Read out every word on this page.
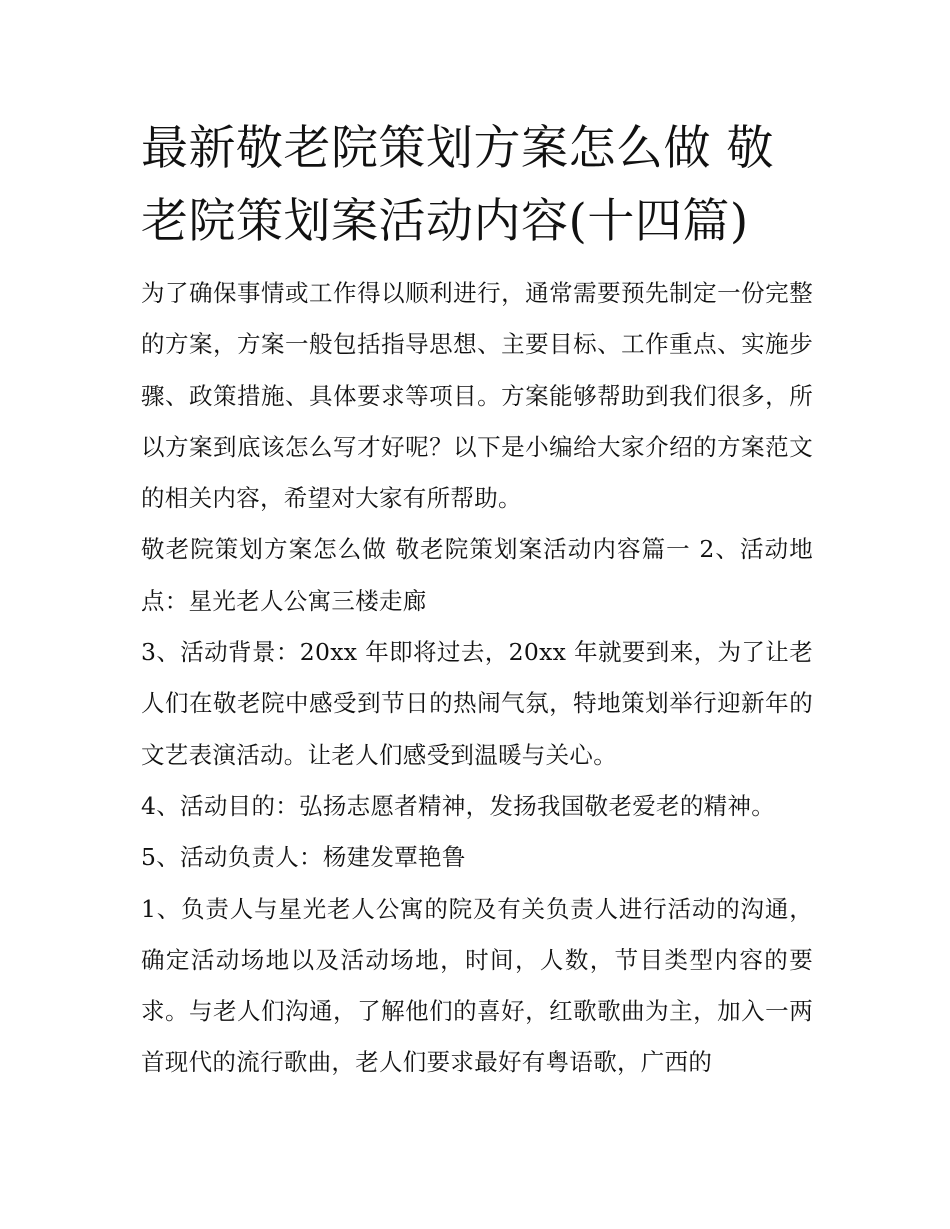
最新敬老院策划方案怎么做 敬老院策划案活动内容(十四篇)

为了确保事情或工作得以顺利进行，通常需要预先制定一份完整的方案，方案一般包括指导思想、主要目标、工作重点、实施步骤、政策措施、具体要求等项目。方案能够帮助到我们很多，所以方案到底该怎么写才好呢？以下是小编给大家介绍的方案范文的相关内容，希望对大家有所帮助。

敬老院策划方案怎么做 敬老院策划案活动内容篇一 2、活动地点：星光老人公寓三楼走廊

3、活动背景：20xx 年即将过去，20xx 年就要到来，为了让老人们在敬老院中感受到节日的热闹气氛，特地策划举行迎新年的文艺表演活动。让老人们感受到温暖与关心。

4、活动目的：弘扬志愿者精神，发扬我国敬老爱老的精神。

5、活动负责人：杨建发覃艳鲁

1、负责人与星光老人公寓的院及有关负责人进行活动的沟通，确定活动场地以及活动场地，时间，人数，节目类型内容的要求。与老人们沟通，了解他们的喜好，红歌歌曲为主，加入一两首现代的流行歌曲，老人们要求最好有粤语歌，广西的
